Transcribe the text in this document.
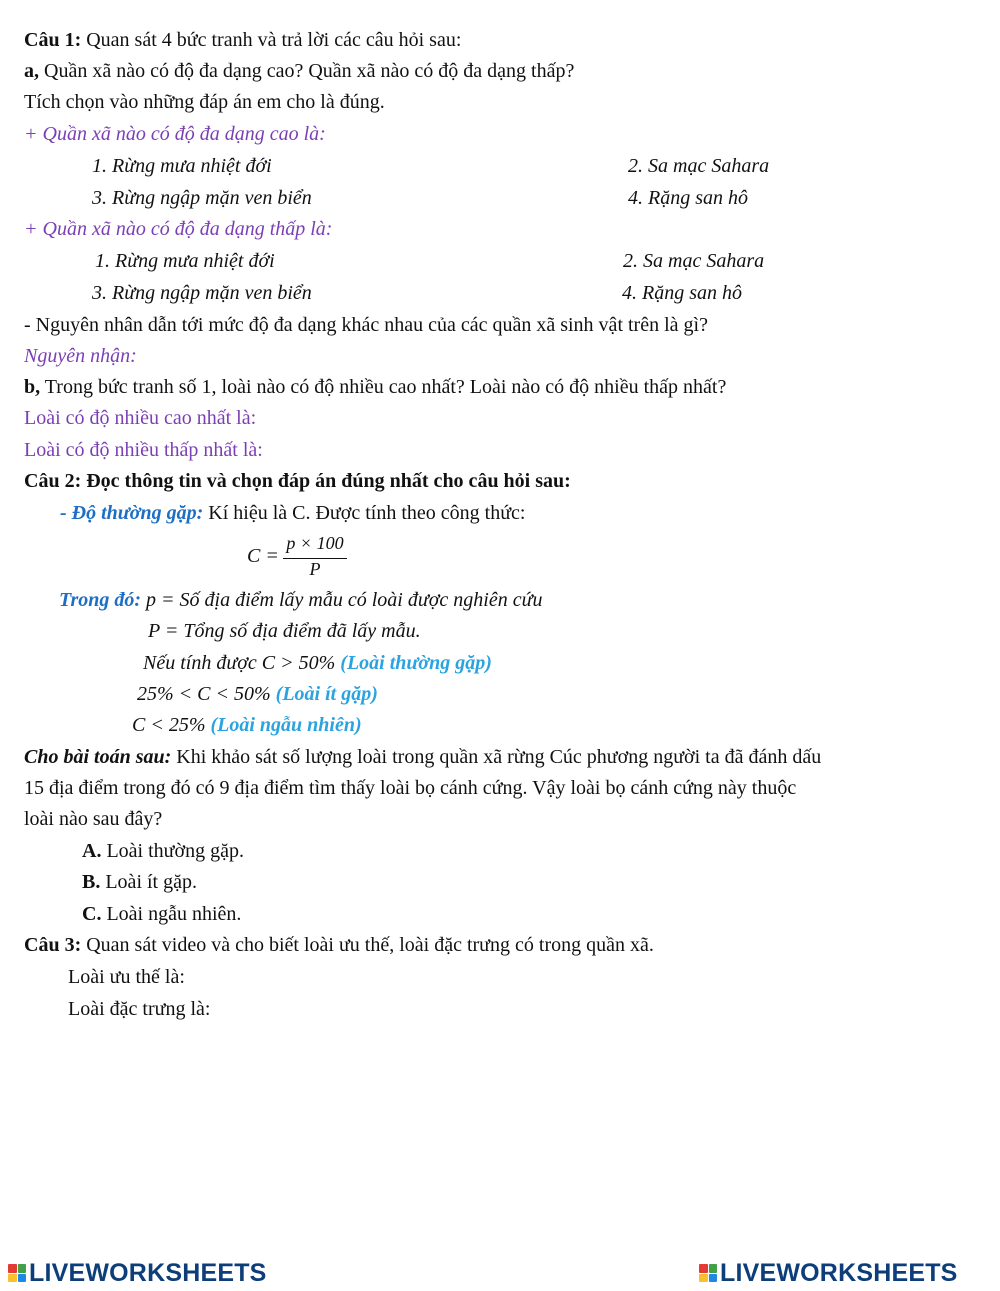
Câu 1: Quan sát 4 bức tranh và trả lời các câu hỏi sau:
a, Quần xã nào có độ đa dạng cao? Quần xã nào có độ đa dạng thấp?
Tích chọn vào những đáp án em cho là đúng.
+ Quần xã nào có độ đa dạng cao là:
1. Rừng mưa nhiệt đới	2. Sa mạc Sahara
3. Rừng ngập mặn ven biển	4. Rặng san hô
+ Quần xã nào có độ đa dạng thấp là:
1. Rừng mưa nhiệt đới	2. Sa mạc Sahara
3. Rừng ngập mặn ven biển	4. Rặng san hô
- Nguyên nhân dẫn tới mức độ đa dạng khác nhau của các quần xã sinh vật trên là gì?
Nguyên nhận:
b, Trong bức tranh số 1, loài nào có độ nhiều cao nhất? Loài nào có độ nhiều thấp nhất?
Loài có độ nhiều cao nhất là:
Loài có độ nhiều thấp nhất là:
Câu 2: Đọc thông tin và chọn đáp án đúng nhất cho câu hỏi sau:
- Độ thường gặp: Kí hiệu là C. Được tính theo công thức:
C =
p × 100
P
Trong đó: p = Số địa điểm lấy mẫu có loài được nghiên cứu
P = Tổng số địa điểm đã lấy mẫu.
Nếu tính được C > 50% (Loài thường gặp)
25% < C < 50% (Loài ít gặp)
C < 25% (Loài ngẫu nhiên)
Cho bài toán sau: Khi khảo sát số lượng loài trong quần xã rừng Cúc phương người ta đã đánh dấu
15 địa điểm trong đó có 9 địa điểm tìm thấy loài bọ cánh cứng. Vậy loài bọ cánh cứng này thuộc
loài nào sau đây?
A. Loài thường gặp.
B. Loài ít gặp.
C. Loài ngẫu nhiên.
Câu 3: Quan sát video và cho biết loài ưu thế, loài đặc trưng có trong quần xã.
Loài ưu thế là:
Loài đặc trưng là:
LIVEWORKSHEETS	LIVEWORKSHEETS
